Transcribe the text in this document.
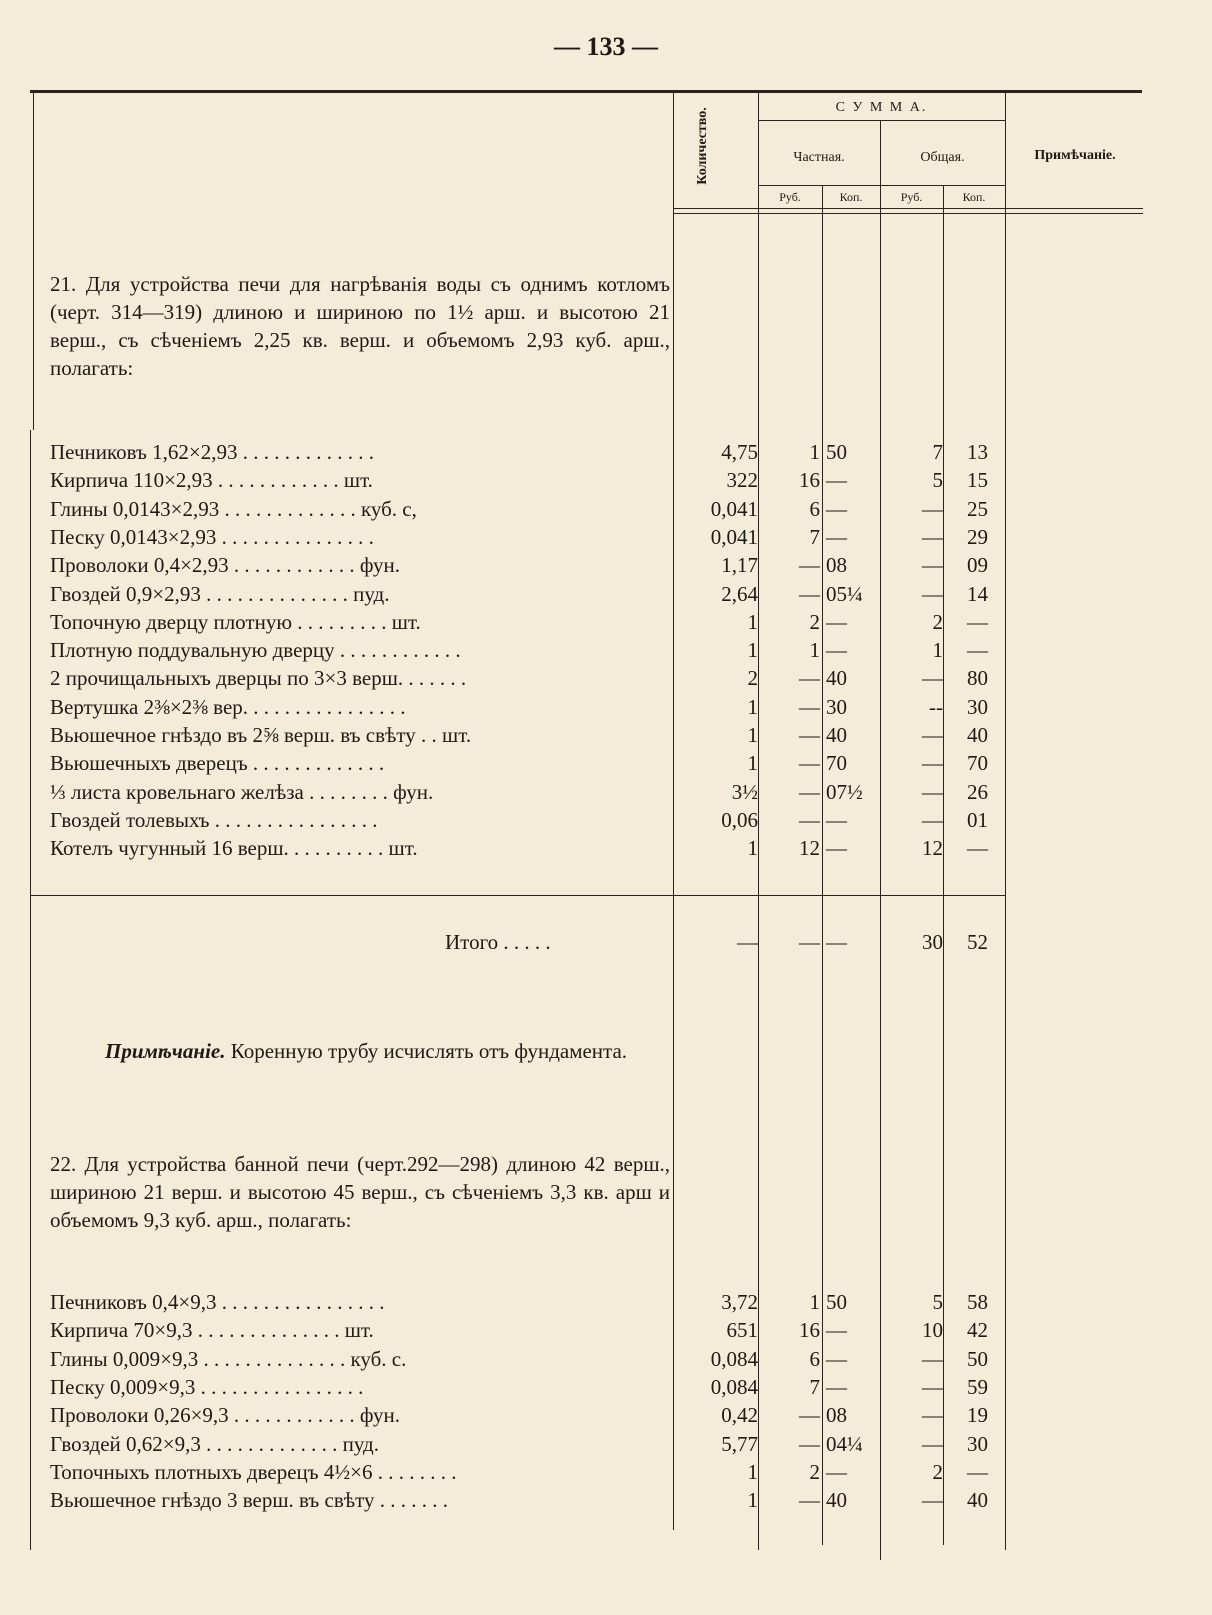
— 133 —
Количество.	С У М М А.
Частная.	Общая.
Руб.	Коп.	Руб.	Коп.
Примѣчаніе.
21. Для устройства печи для нагрѣванія воды съ однимъ котломъ (черт. 314—319) длиною и шириною по 1½ арш. и высотою 21 верш., съ сѣченіемъ 2,25 кв. верш. и объемомъ 2,93 куб. арш., полагать:
Печниковъ 1,62×2,93 . . . . . . . . . . . . .	4,75	1 50	7	13
Кирпича 110×2,93 . . . . . . . . . . . . шт.	322	16 —	5	15
Глины 0,0143×2,93 . . . . . . . . . . . . . куб. с,	0,041	6 —	—	25
Песку 0,0143×2,93 . . . . . . . . . . . . . . .	0,041	7 —	—	29
Проволоки 0,4×2,93 . . . . . . . . . . . . фун.	1,17	— 08	—	09
Гвоздей 0,9×2,93 . . . . . . . . . . . . . . пуд.	2,64	— 05¼	—	14
Топочную дверцу плотную . . . . . . . . . шт.	1	2 —	2	—
Плотную поддувальную дверцу . . . . . . . . . . . .	1	1 —	1	—
2 прочищальныхъ дверцы по 3×3 верш. . . . . . .	2	— 40	—	80
Вертушка 2⅜×2⅜ вер. . . . . . . . . . . . . . . .	1	— 30	--	30
Вьюшечное гнѣздо въ 2⅝ верш. въ свѣту . . шт.	1	— 40	—	40
Вьюшечныхъ дверецъ . . . . . . . . . . . . .	1	— 70	—	70
⅓ листа кровельнаго желѣза . . . . . . . . фун.	3½	— 07½	—	26
Гвоздей толевыхъ . . . . . . . . . . . . . . . .	0,06	— —	—	01
Котелъ чугунный 16 верш. . . . . . . . . . шт.	1	12 —	12	—
Итого . . . . .	—	— —	30	52
Примѣчаніе. Коренную трубу исчислять отъ фундамента.
22. Для устройства банной печи (черт.292—298) длиною 42 верш., шириною 21 верш. и высотою 45 верш., съ сѣченіемъ 3,3 кв. арш и объемомъ 9,3 куб. арш., полагать:
Печниковъ 0,4×9,3 . . . . . . . . . . . . . . . .	3,72	1 50	5	58
Кирпича 70×9,3 . . . . . . . . . . . . . . шт.	651	16 —	10	42
Глины 0,009×9,3 . . . . . . . . . . . . . . куб. с.	0,084	6 —	—	50
Песку 0,009×9,3 . . . . . . . . . . . . . . . .	0,084	7 —	—	59
Проволоки 0,26×9,3 . . . . . . . . . . . . фун.	0,42	— 08	—	19
Гвоздей 0,62×9,3 . . . . . . . . . . . . . пуд.	5,77	— 04¼	—	30
Топочныхъ плотныхъ дверецъ 4½×6 . . . . . . . .	1	2 —	2	—
Вьюшечное гнѣздо 3 верш. въ свѣту . . . . . . .	1	— 40	—	40
